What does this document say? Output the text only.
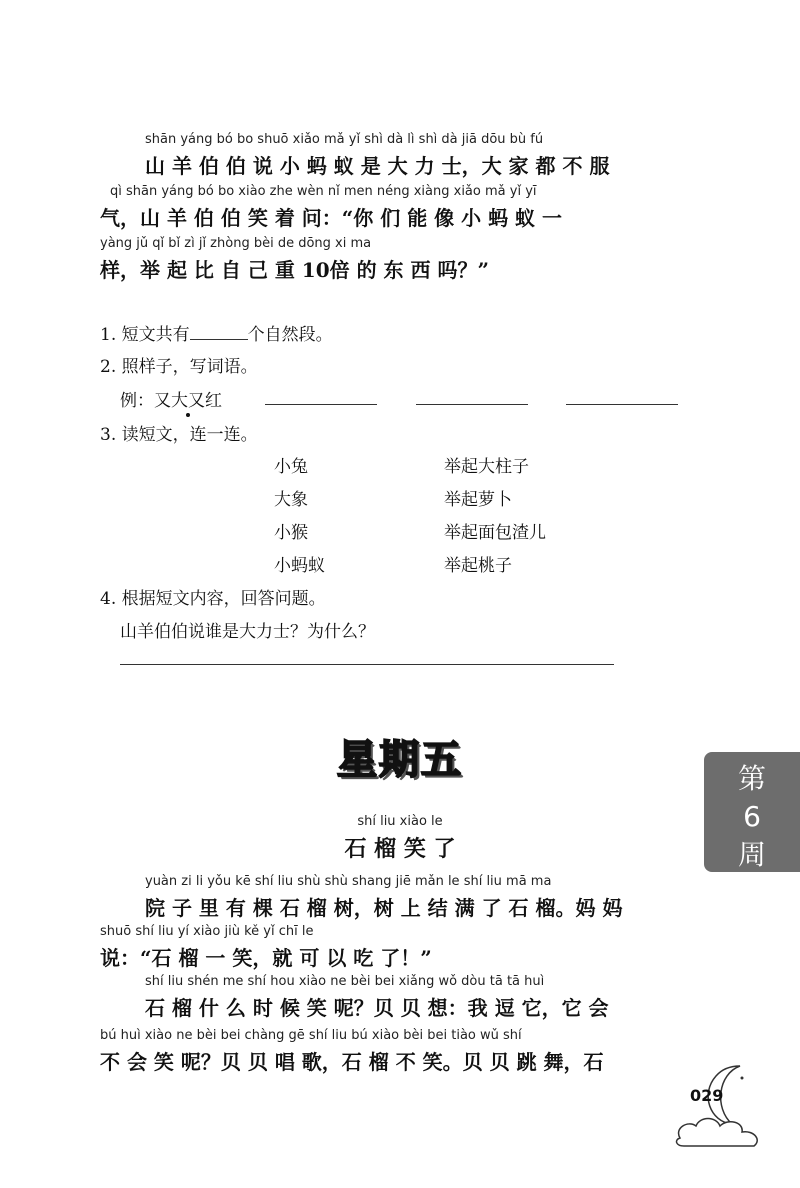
shān yáng bó bo shuō xiǎo mǎ yǐ shì dà lì shì dà jiā dōu bù fú
山 羊 伯 伯 说 小 蚂 蚁 是 大 力 士，大 家 都 不 服
qì shān yáng bó bo xiào zhe wèn nǐ men néng xiàng xiǎo mǎ yǐ yī
气，山 羊 伯 伯 笑 着 问：“你 们 能 像 小 蚂 蚁 一
yàng jǔ qǐ bǐ zì jǐ zhòng bèi de dōng xi ma
样，举 起 比 自 己 重 10倍 的 东 西 吗？”
1. 短文共有	个自然段。
2. 照样子，写词语。
例：又大又红
3. 读短文，连一连。
小兔
大象
小猴
小蚂蚁
举起大柱子
举起萝卜
举起面包渣儿
举起桃子
4. 根据短文内容，回答问题。
山羊伯伯说谁是大力士？为什么？
星期五	第
6
周
shí liu xiào le
石 榴 笑 了
yuàn zi li yǒu kē shí liu shù shù shang jiē mǎn le shí liu mā ma
院 子 里 有 棵 石 榴 树，树 上 结 满 了 石 榴。妈 妈
shuō shí liu yí xiào jiù kě yǐ chī le
说：“石 榴 一 笑，就 可 以 吃 了！”
shí liu shén me shí hou xiào ne bèi bei xiǎng wǒ dòu tā tā huì
石 榴 什 么 时 候 笑 呢？贝 贝 想：我 逗 它，它 会
bú huì xiào ne bèi bei chàng gē shí liu bú xiào bèi bei tiào wǔ shí
不 会 笑 呢？贝 贝 唱 歌，石 榴 不 笑。贝 贝 跳 舞，石
029
